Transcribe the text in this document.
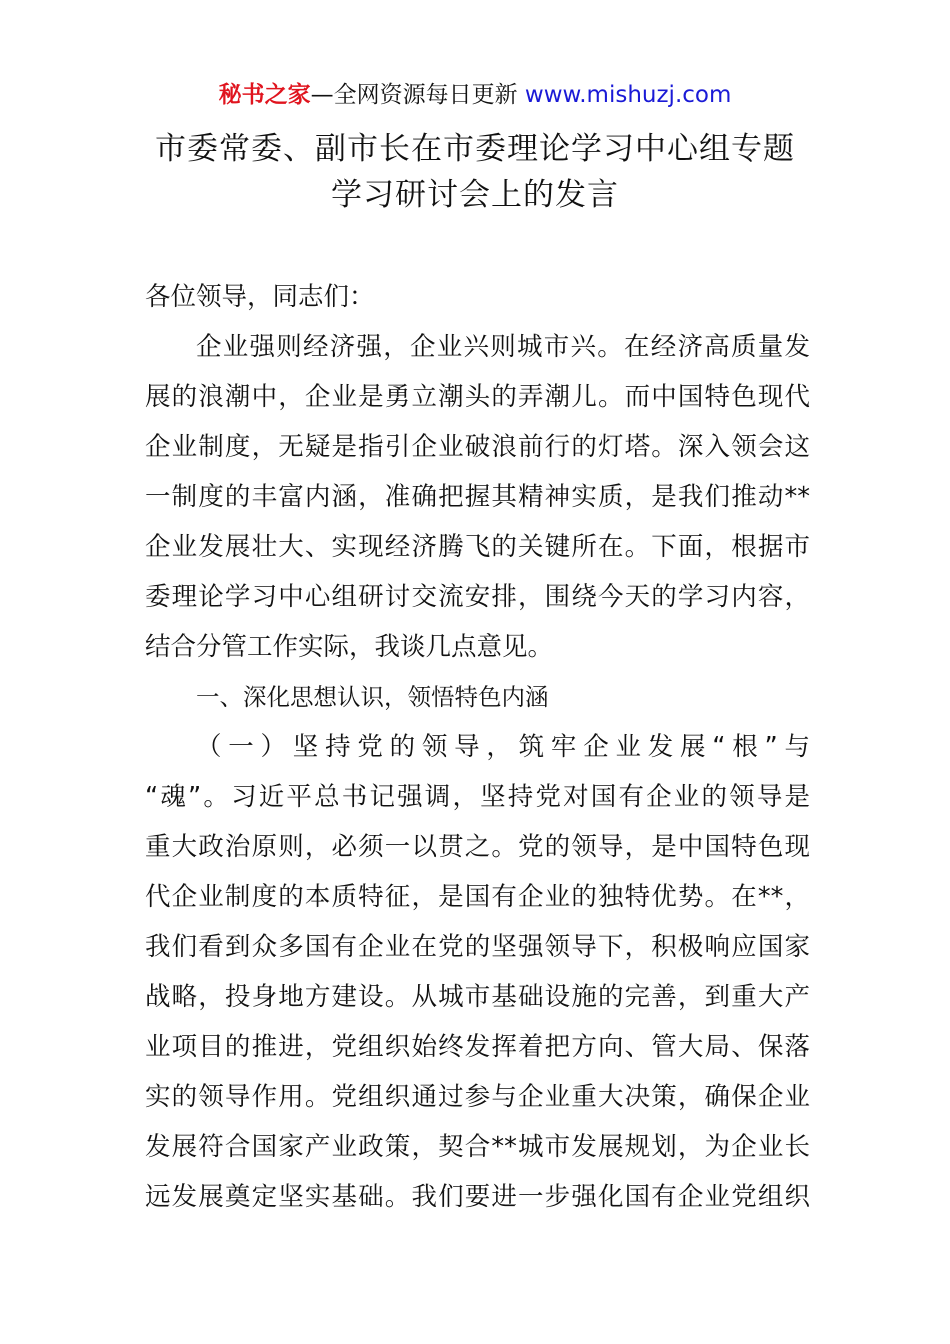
秘书之家—全网资源每日更新 www.mishuzj.com
市委常委、副市长在市委理论学习中心组专题
学习研讨会上的发言
各位领导，同志们：
企业强则经济强，企业兴则城市兴。在经济高质量发
展的浪潮中，企业是勇立潮头的弄潮儿。而中国特色现代
企业制度，无疑是指引企业破浪前行的灯塔。深入领会这
一制度的丰富内涵，准确把握其精神实质，是我们推动**
企业发展壮大、实现经济腾飞的关键所在。下面，根据市
委理论学习中心组研讨交流安排，围绕今天的学习内容，
结合分管工作实际，我谈几点意见。
一、深化思想认识，领悟特色内涵
（一）坚持党的领导，筑牢企业发展“根”与
“魂”。习近平总书记强调，坚持党对国有企业的领导是
重大政治原则，必须一以贯之。党的领导，是中国特色现
代企业制度的本质特征，是国有企业的独特优势。在**，
我们看到众多国有企业在党的坚强领导下，积极响应国家
战略，投身地方建设。从城市基础设施的完善，到重大产
业项目的推进，党组织始终发挥着把方向、管大局、保落
实的领导作用。党组织通过参与企业重大决策，确保企业
发展符合国家产业政策，契合**城市发展规划，为企业长
远发展奠定坚实基础。我们要进一步强化国有企业党组织
